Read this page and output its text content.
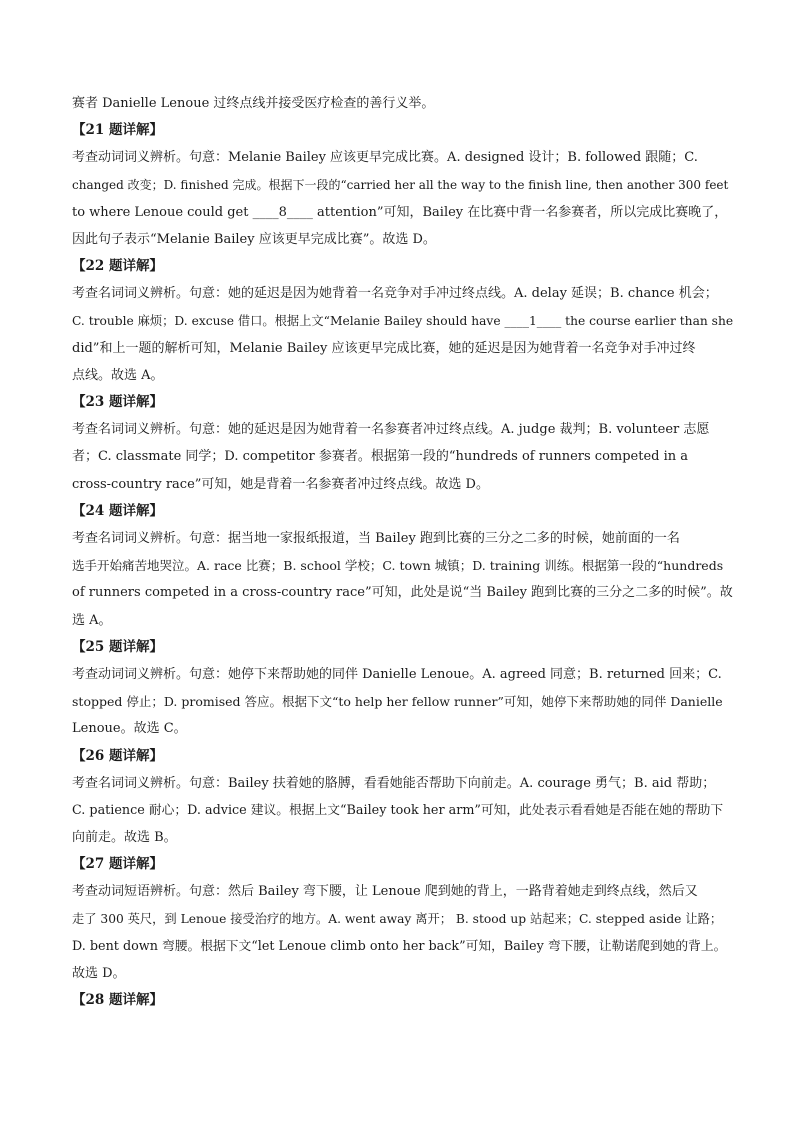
赛者 Danielle Lenoue 过终点线并接受医疗检查的善行义举。
【21 题详解】
考查动词词义辨析。句意：Melanie Bailey 应该更早完成比赛。A. designed 设计；B. followed 跟随；C.
changed 改变；D. finished 完成。根据下一段的“carried her all the way to the finish line, then another 300 feet
to where Lenoue could get ____8____ attention”可知，Bailey 在比赛中背一名参赛者，所以完成比赛晚了，
因此句子表示“Melanie Bailey 应该更早完成比赛”。故选 D。
【22 题详解】
考查名词词义辨析。句意：她的延迟是因为她背着一名竞争对手冲过终点线。A. delay 延误；B. chance 机会；
C. trouble 麻烦；D. excuse 借口。根据上文“Melanie Bailey should have ____1____ the course earlier than she
did”和上一题的解析可知，Melanie Bailey 应该更早完成比赛，她的延迟是因为她背着一名竞争对手冲过终
点线。故选 A。
【23 题详解】
考查名词词义辨析。句意：她的延迟是因为她背着一名参赛者冲过终点线。A. judge 裁判；B. volunteer 志愿
者；C. classmate 同学；D. competitor 参赛者。根据第一段的“hundreds of runners competed in a
cross-country race”可知，她是背着一名参赛者冲过终点线。故选 D。
【24 题详解】
考查名词词义辨析。句意：据当地一家报纸报道，当 Bailey 跑到比赛的三分之二多的时候，她前面的一名
选手开始痛苦地哭泣。A. race 比赛；B. school 学校；C. town 城镇；D. training 训练。根据第一段的“hundreds
of runners competed in a cross-country race”可知，此处是说“当 Bailey 跑到比赛的三分之二多的时候”。故
选 A。
【25 题详解】
考查动词词义辨析。句意：她停下来帮助她的同伴 Danielle Lenoue。A. agreed 同意；B. returned 回来；C.
stopped 停止；D. promised 答应。根据下文“to help her fellow runner”可知，她停下来帮助她的同伴 Danielle
Lenoue。故选 C。
【26 题详解】
考查名词词义辨析。句意：Bailey 扶着她的胳膊，看看她能否帮助下向前走。A. courage 勇气；B. aid 帮助；
C. patience 耐心；D. advice 建议。根据上文“Bailey took her arm”可知，此处表示看看她是否能在她的帮助下
向前走。故选 B。
【27 题详解】
考查动词短语辨析。句意：然后 Bailey 弯下腰，让 Lenoue 爬到她的背上，一路背着她走到终点线，然后又
走了 300 英尺，到 Lenoue 接受治疗的地方。A. went away 离开； B. stood up 站起来；C. stepped aside 让路；
D. bent down 弯腰。根据下文“let Lenoue climb onto her back”可知，Bailey 弯下腰，让勒诺爬到她的背上。
故选 D。
【28 题详解】
